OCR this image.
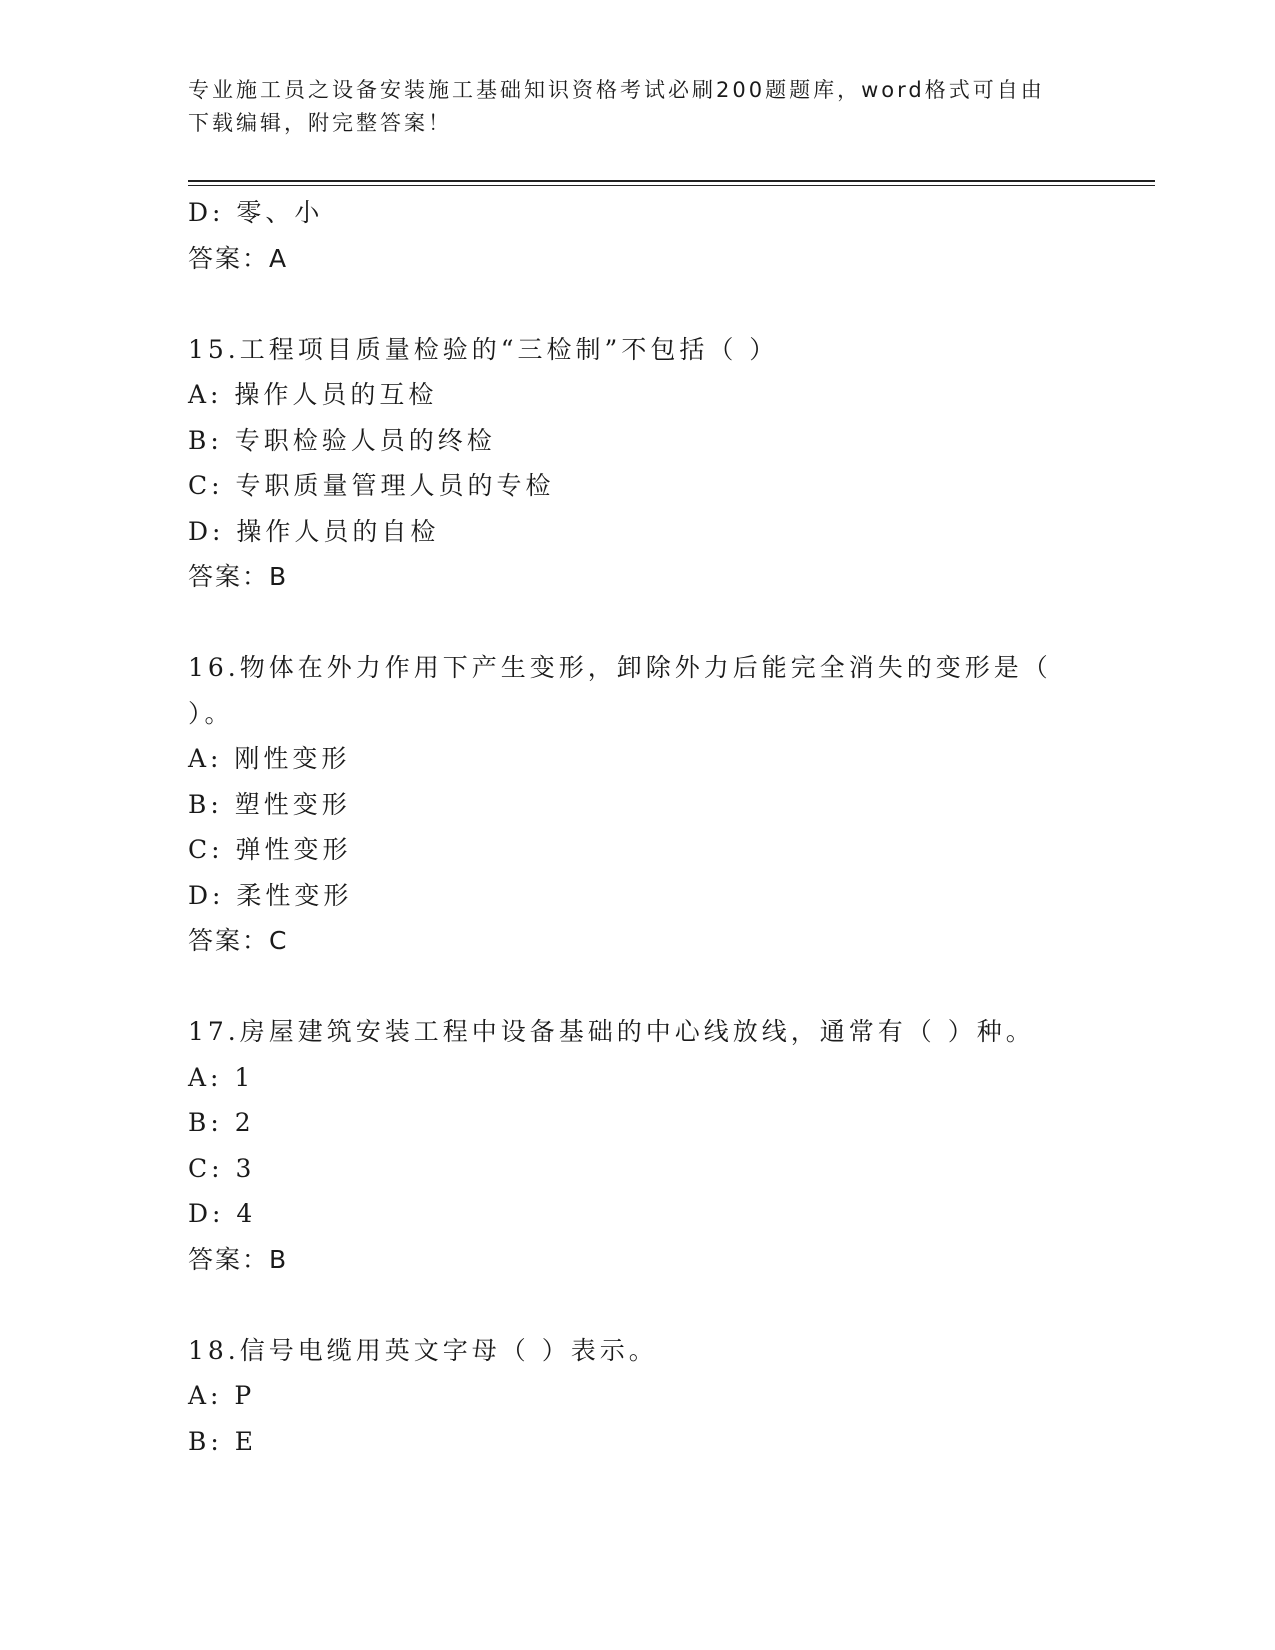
专业施工员之设备安装施工基础知识资格考试必刷200题题库，word格式可自由
下载编辑，附完整答案！
D: 零、小
答案：A
15.工程项目质量检验的“三检制”不包括（ ）
A: 操作人员的互检
B: 专职检验人员的终检
C: 专职质量管理人员的专检
D: 操作人员的自检
答案：B
16.物体在外力作用下产生变形，卸除外力后能完全消失的变形是（
）。
A: 刚性变形
B: 塑性变形
C: 弹性变形
D: 柔性变形
答案：C
17.房屋建筑安装工程中设备基础的中心线放线，通常有（ ）种。
A: 1
B: 2
C: 3
D: 4
答案：B
18.信号电缆用英文字母（ ）表示。
A: P
B: E
